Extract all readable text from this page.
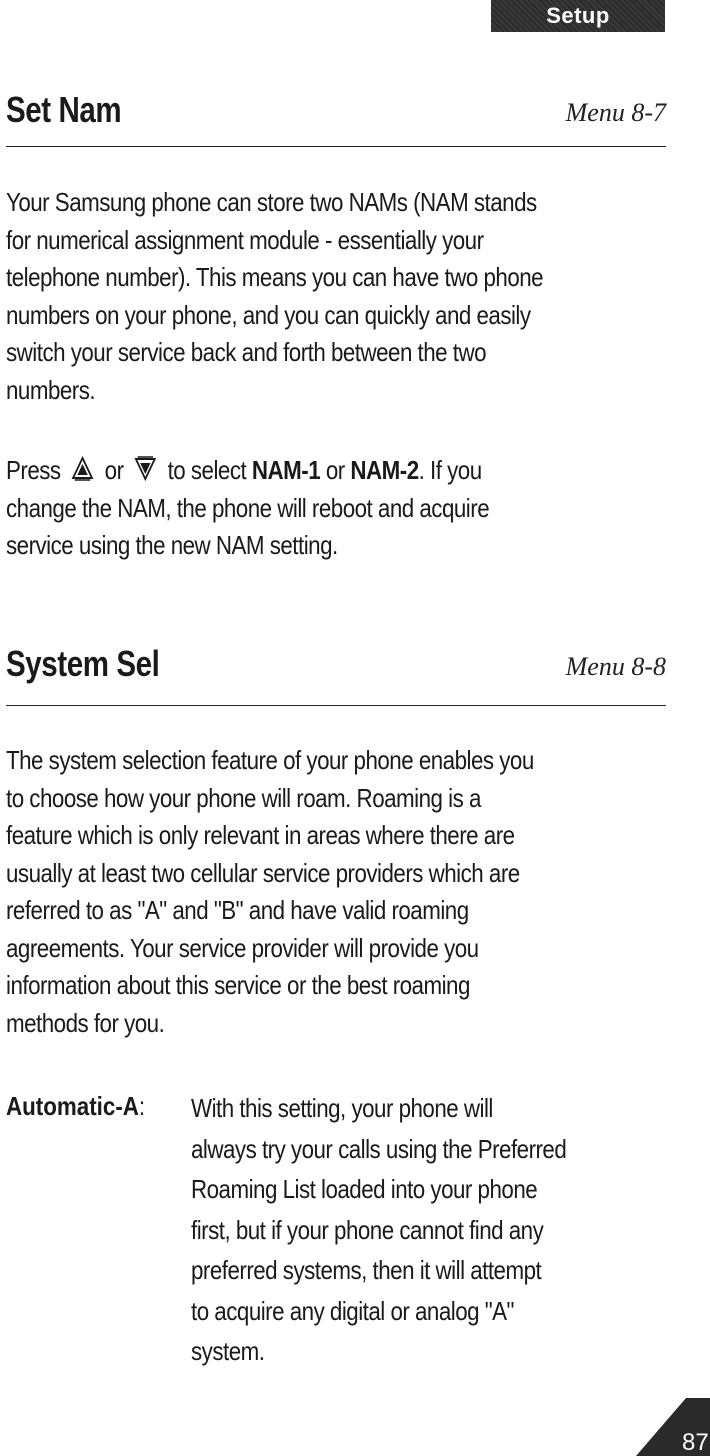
Setup
Set Nam	Menu 8-7
Your Samsung phone can store two NAMs (NAM stands
for numerical assignment module - essentially your
telephone number). This means you can have two phone
numbers on your phone, and you can quickly and easily
switch your service back and forth between the two
numbers.
Press or to select NAM-1 or NAM-2. If you
change the NAM, the phone will reboot and acquire
service using the new NAM setting.
System Sel	Menu 8-8
The system selection feature of your phone enables you
to choose how your phone will roam. Roaming is a
feature which is only relevant in areas where there are
usually at least two cellular service providers which are
referred to as "A" and "B" and have valid roaming
agreements. Your service provider will provide you
information about this service or the best roaming
methods for you.
Automatic-A: With this setting, your phone will
always try your calls using the Preferred
Roaming List loaded into your phone
first, but if your phone cannot find any
preferred systems, then it will attempt
to acquire any digital or analog "A"
system.
87
